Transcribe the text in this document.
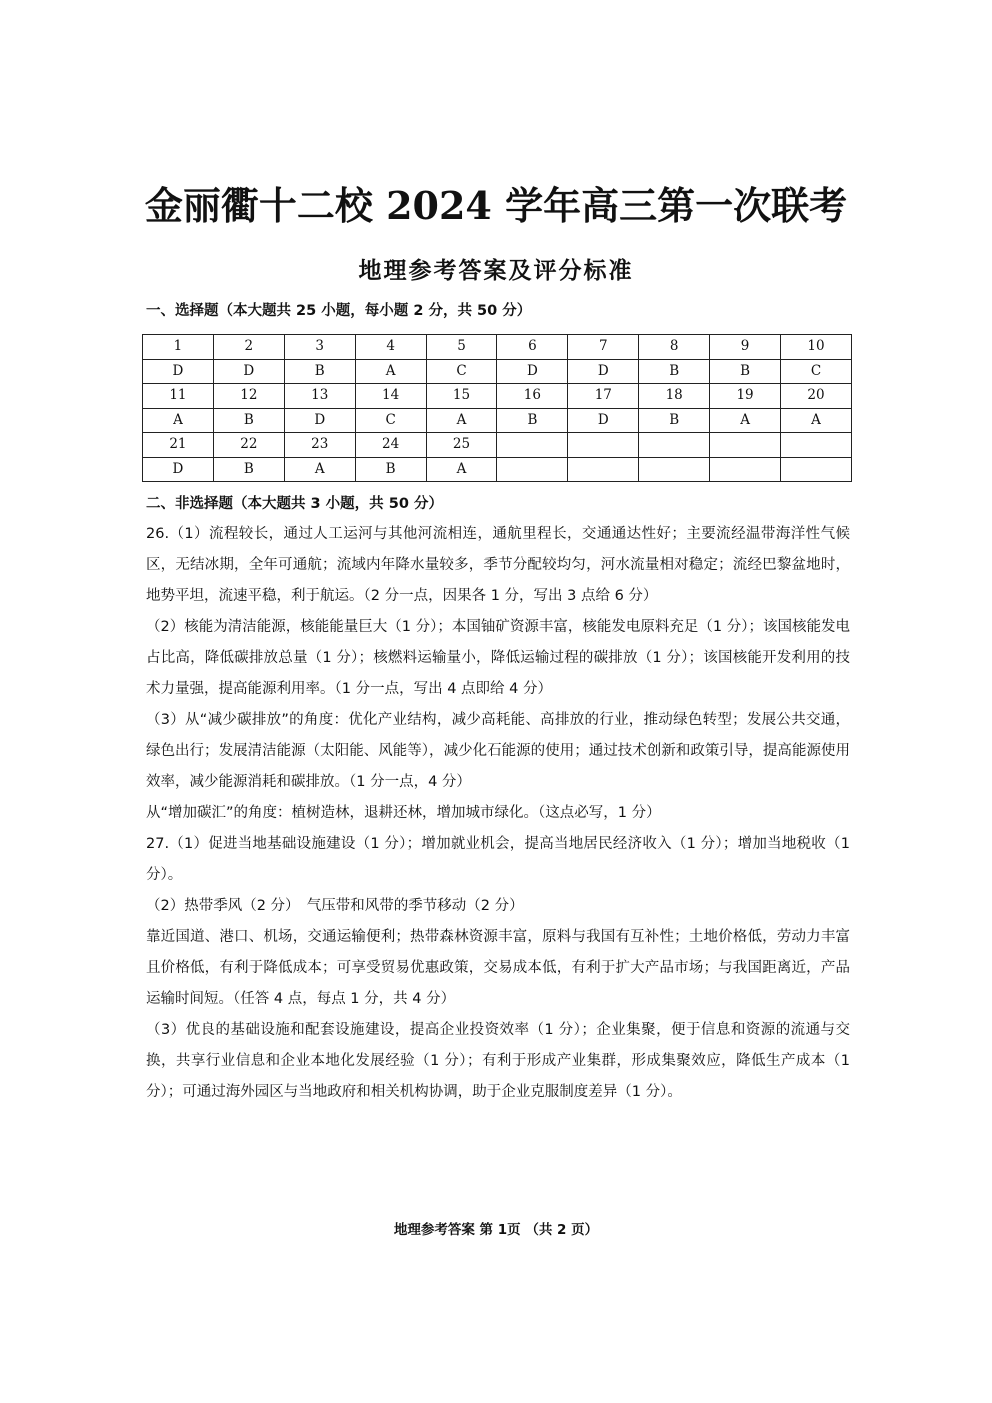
金丽衢十二校 2024 学年高三第一次联考
地理参考答案及评分标准
一、选择题（本大题共 25 小题，每小题 2 分，共 50 分）
1	2	3	4	5	6	7	8	9	10
D	D	B	A	C	D	D	B	B	C
11	12	13	14	15	16	17	18	19	20
A	B	D	C	A	B	D	B	A	A
21	22	23	24	25					
D	B	A	B	A					
二、非选择题（本大题共 3 小题，共 50 分）

26.（1）流程较长，通过人工运河与其他河流相连，通航里程长，交通通达性好；主要流经温带海洋性气候区，无结冰期，全年可通航；流域内年降水量较多，季节分配较均匀，河水流量相对稳定；流经巴黎盆地时，地势平坦，流速平稳，利于航运。（2 分一点，因果各 1 分，写出 3 点给 6 分）

（2）核能为清洁能源，核能能量巨大（1 分）；本国铀矿资源丰富，核能发电原料充足（1 分）；该国核能发电占比高，降低碳排放总量（1 分）；核燃料运输量小，降低运输过程的碳排放（1 分）；该国核能开发利用的技术力量强，提高能源利用率。（1 分一点，写出 4 点即给 4 分）

（3）从“减少碳排放”的角度：优化产业结构，减少高耗能、高排放的行业，推动绿色转型；发展公共交通，绿色出行；发展清洁能源（太阳能、风能等），减少化石能源的使用；通过技术创新和政策引导，提高能源使用效率，减少能源消耗和碳排放。（1 分一点，4 分）

从“增加碳汇”的角度：植树造林，退耕还林，增加城市绿化。（这点必写，1 分）

27.（1）促进当地基础设施建设（1 分）；增加就业机会，提高当地居民经济收入（1 分）；增加当地税收（1 分）。

（2）热带季风（2 分）　气压带和风带的季节移动（2 分）

靠近国道、港口、机场，交通运输便利；热带森林资源丰富，原料与我国有互补性；土地价格低，劳动力丰富且价格低，有利于降低成本；可享受贸易优惠政策，交易成本低，有利于扩大产品市场；与我国距离近，产品运输时间短。（任答 4 点，每点 1 分，共 4 分）

（3）优良的基础设施和配套设施建设，提高企业投资效率（1 分）；企业集聚，便于信息和资源的流通与交换，共享行业信息和企业本地化发展经验（1 分）；有利于形成产业集群，形成集聚效应，降低生产成本（1 分）；可通过海外园区与当地政府和相关机构协调，助于企业克服制度差异（1 分）。

地理参考答案 第 1页 （共 2 页）
